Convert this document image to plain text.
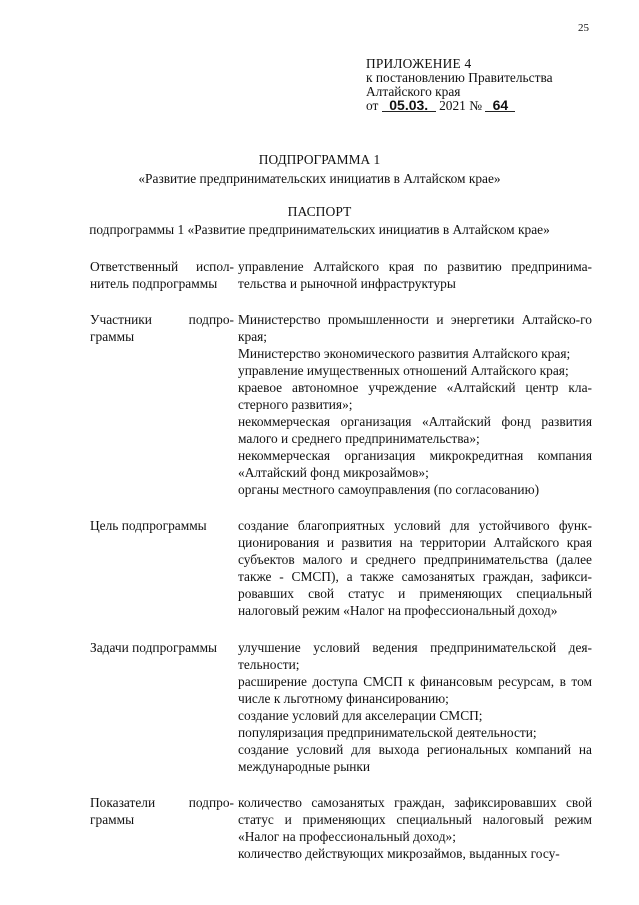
25
ПРИЛОЖЕНИЕ 4
к постановлению Правительства
Алтайского края
от 05.03. 2021 № 64
ПОДПРОГРАММА 1
«Развитие предпринимательских инициатив в Алтайском крае»
ПАСПОРТ
подпрограммы 1 «Развитие предпринимательских инициатив в Алтайском крае»
Ответственный испол-
нитель подпрограммы

управление Алтайского края по развитию предпринима-тельства и рыночной инфраструктуры

Участники подпро-
граммы

Министерство промышленности и энергетики Алтайско-го края;

Министерство экономического развития Алтайского края;

управление имущественных отношений Алтайского края;

краевое автономное учреждение «Алтайский центр кла-стерного развития»;

некоммерческая организация «Алтайский фонд развития малого и среднего предпринимательства»;

некоммерческая организация микрокредитная компания «Алтайский фонд микрозаймов»;

органы местного самоуправления (по согласованию)

Цель подпрограммы	создание благоприятных условий для устойчивого функ-ционирования и развития на территории Алтайского края субъектов малого и среднего предпринимательства (далее также - СМСП), а также самозанятых граждан, зафикси-ровавших свой статус и применяющих специальный налоговый режим «Налог на профессиональный доход»

Задачи подпрограммы	улучшение условий ведения предпринимательской дея-тельности;

расширение доступа СМСП к финансовым ресурсам, в том числе к льготному финансированию;

создание условий для акселерации СМСП;

популяризация предпринимательской деятельности;

создание условий для выхода региональных компаний на международные рынки

Показатели подпро-
граммы

количество самозанятых граждан, зафиксировавших свой статус и применяющих специальный налоговый режим «Налог на профессиональный доход»;

количество действующих микрозаймов, выданных госу-
